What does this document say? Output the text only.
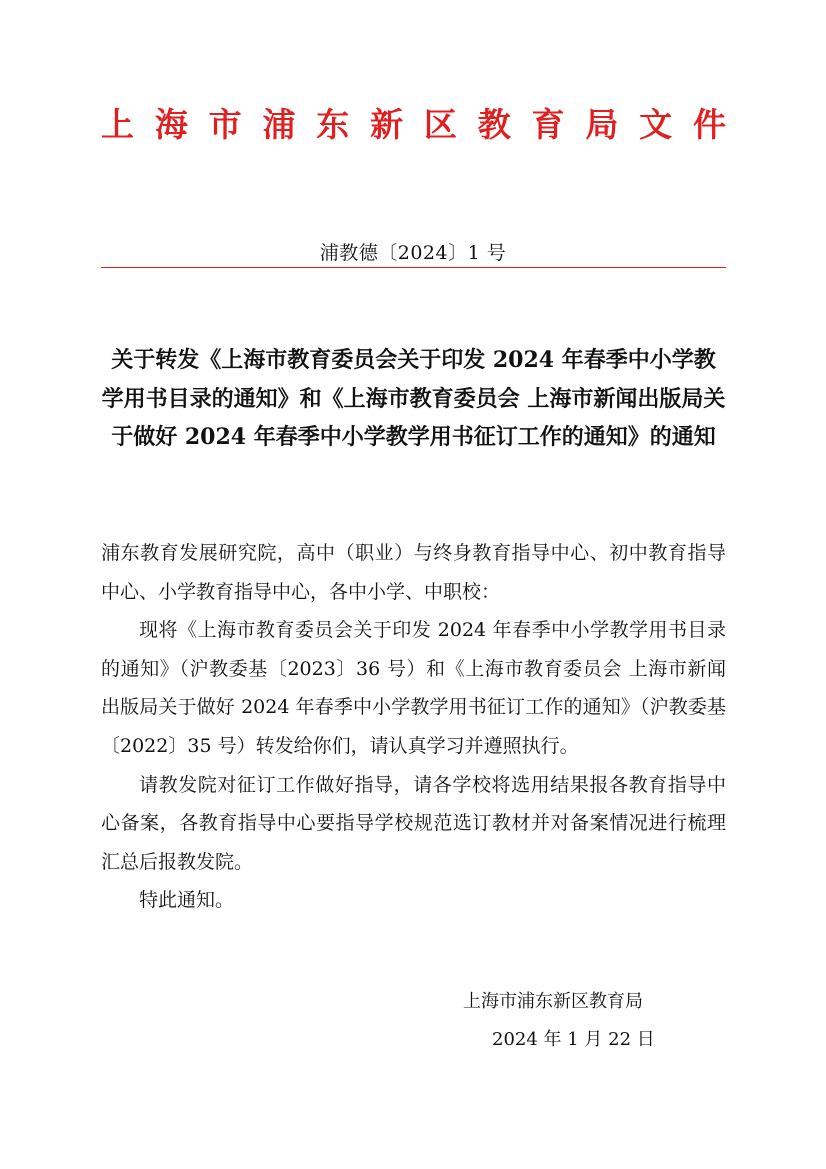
上 海 市 浦 东 新 区 教 育 局 文 件
浦教德〔2024〕1 号
关于转发《上海市教育委员会关于印发 2024 年春季中小学教学用书目录的通知》和《上海市教育委员会 上海市新闻出版局关于做好 2024 年春季中小学教学用书征订工作的通知》的通知

浦东教育发展研究院，高中（职业）与终身教育指导中心、初中教育指导中心、小学教育指导中心，各中小学、中职校：

现将《上海市教育委员会关于印发 2024 年春季中小学教学用书目录的通知》（沪教委基〔2023〕36 号）和《上海市教育委员会 上海市新闻出版局关于做好 2024 年春季中小学教学用书征订工作的通知》（沪教委基〔2022〕35 号）转发给你们，请认真学习并遵照执行。

请教发院对征订工作做好指导，请各学校将选用结果报各教育指导中心备案，各教育指导中心要指导学校规范选订教材并对备案情况进行梳理汇总后报教发院。

特此通知。

上海市浦东新区教育局
2024 年 1 月 22 日
